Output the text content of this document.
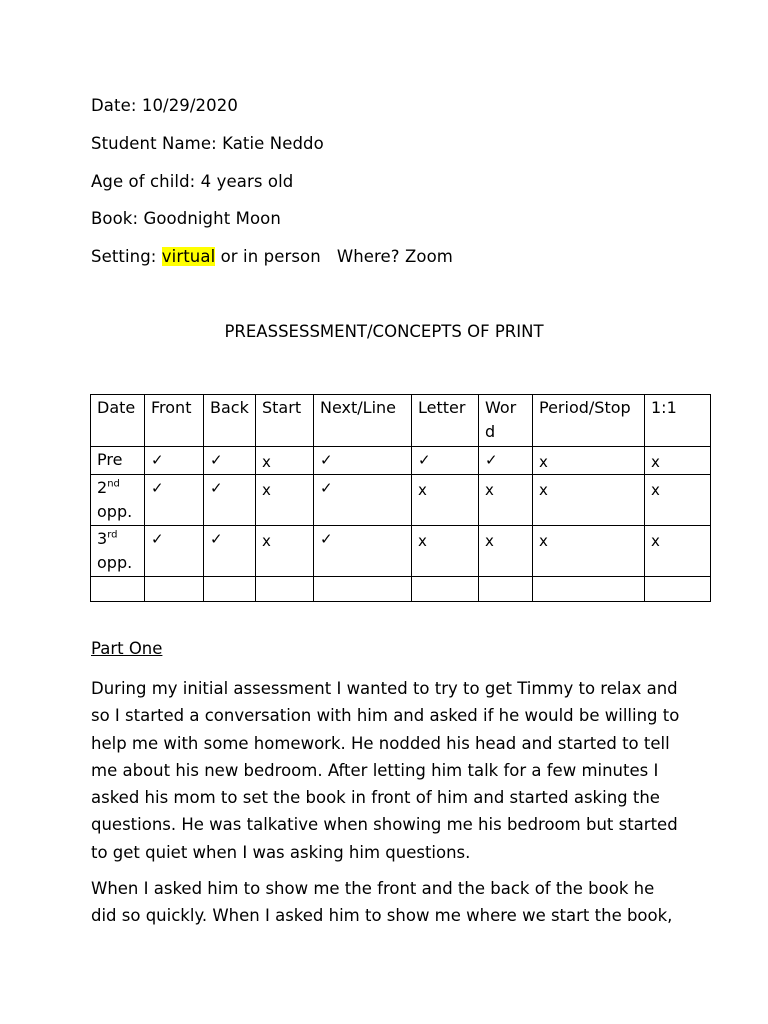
Date: 10/29/2020
Student Name: Katie Neddo
Age of child: 4 years old
Book: Goodnight Moon
Setting: virtual or in person   Where? Zoom
PREASSESSMENT/CONCEPTS OF PRINT
Date	Front	Back	Start	Next/Line	Letter	Word	Period/Stop	1:1
Pre	✓	✓	x	✓	✓	✓	x	x
2nd
opp.	✓	✓	x	✓	x	x	x	x
3rd
opp.	✓	✓	x	✓	x	x	x	x

Part One
During my initial assessment I wanted to try to get Timmy to relax and
so I started a conversation with him and asked if he would be willing to
help me with some homework. He nodded his head and started to tell
me about his new bedroom. After letting him talk for a few minutes I
asked his mom to set the book in front of him and started asking the
questions. He was talkative when showing me his bedroom but started
to get quiet when I was asking him questions.
When I asked him to show me the front and the back of the book he
did so quickly. When I asked him to show me where we start the book,
